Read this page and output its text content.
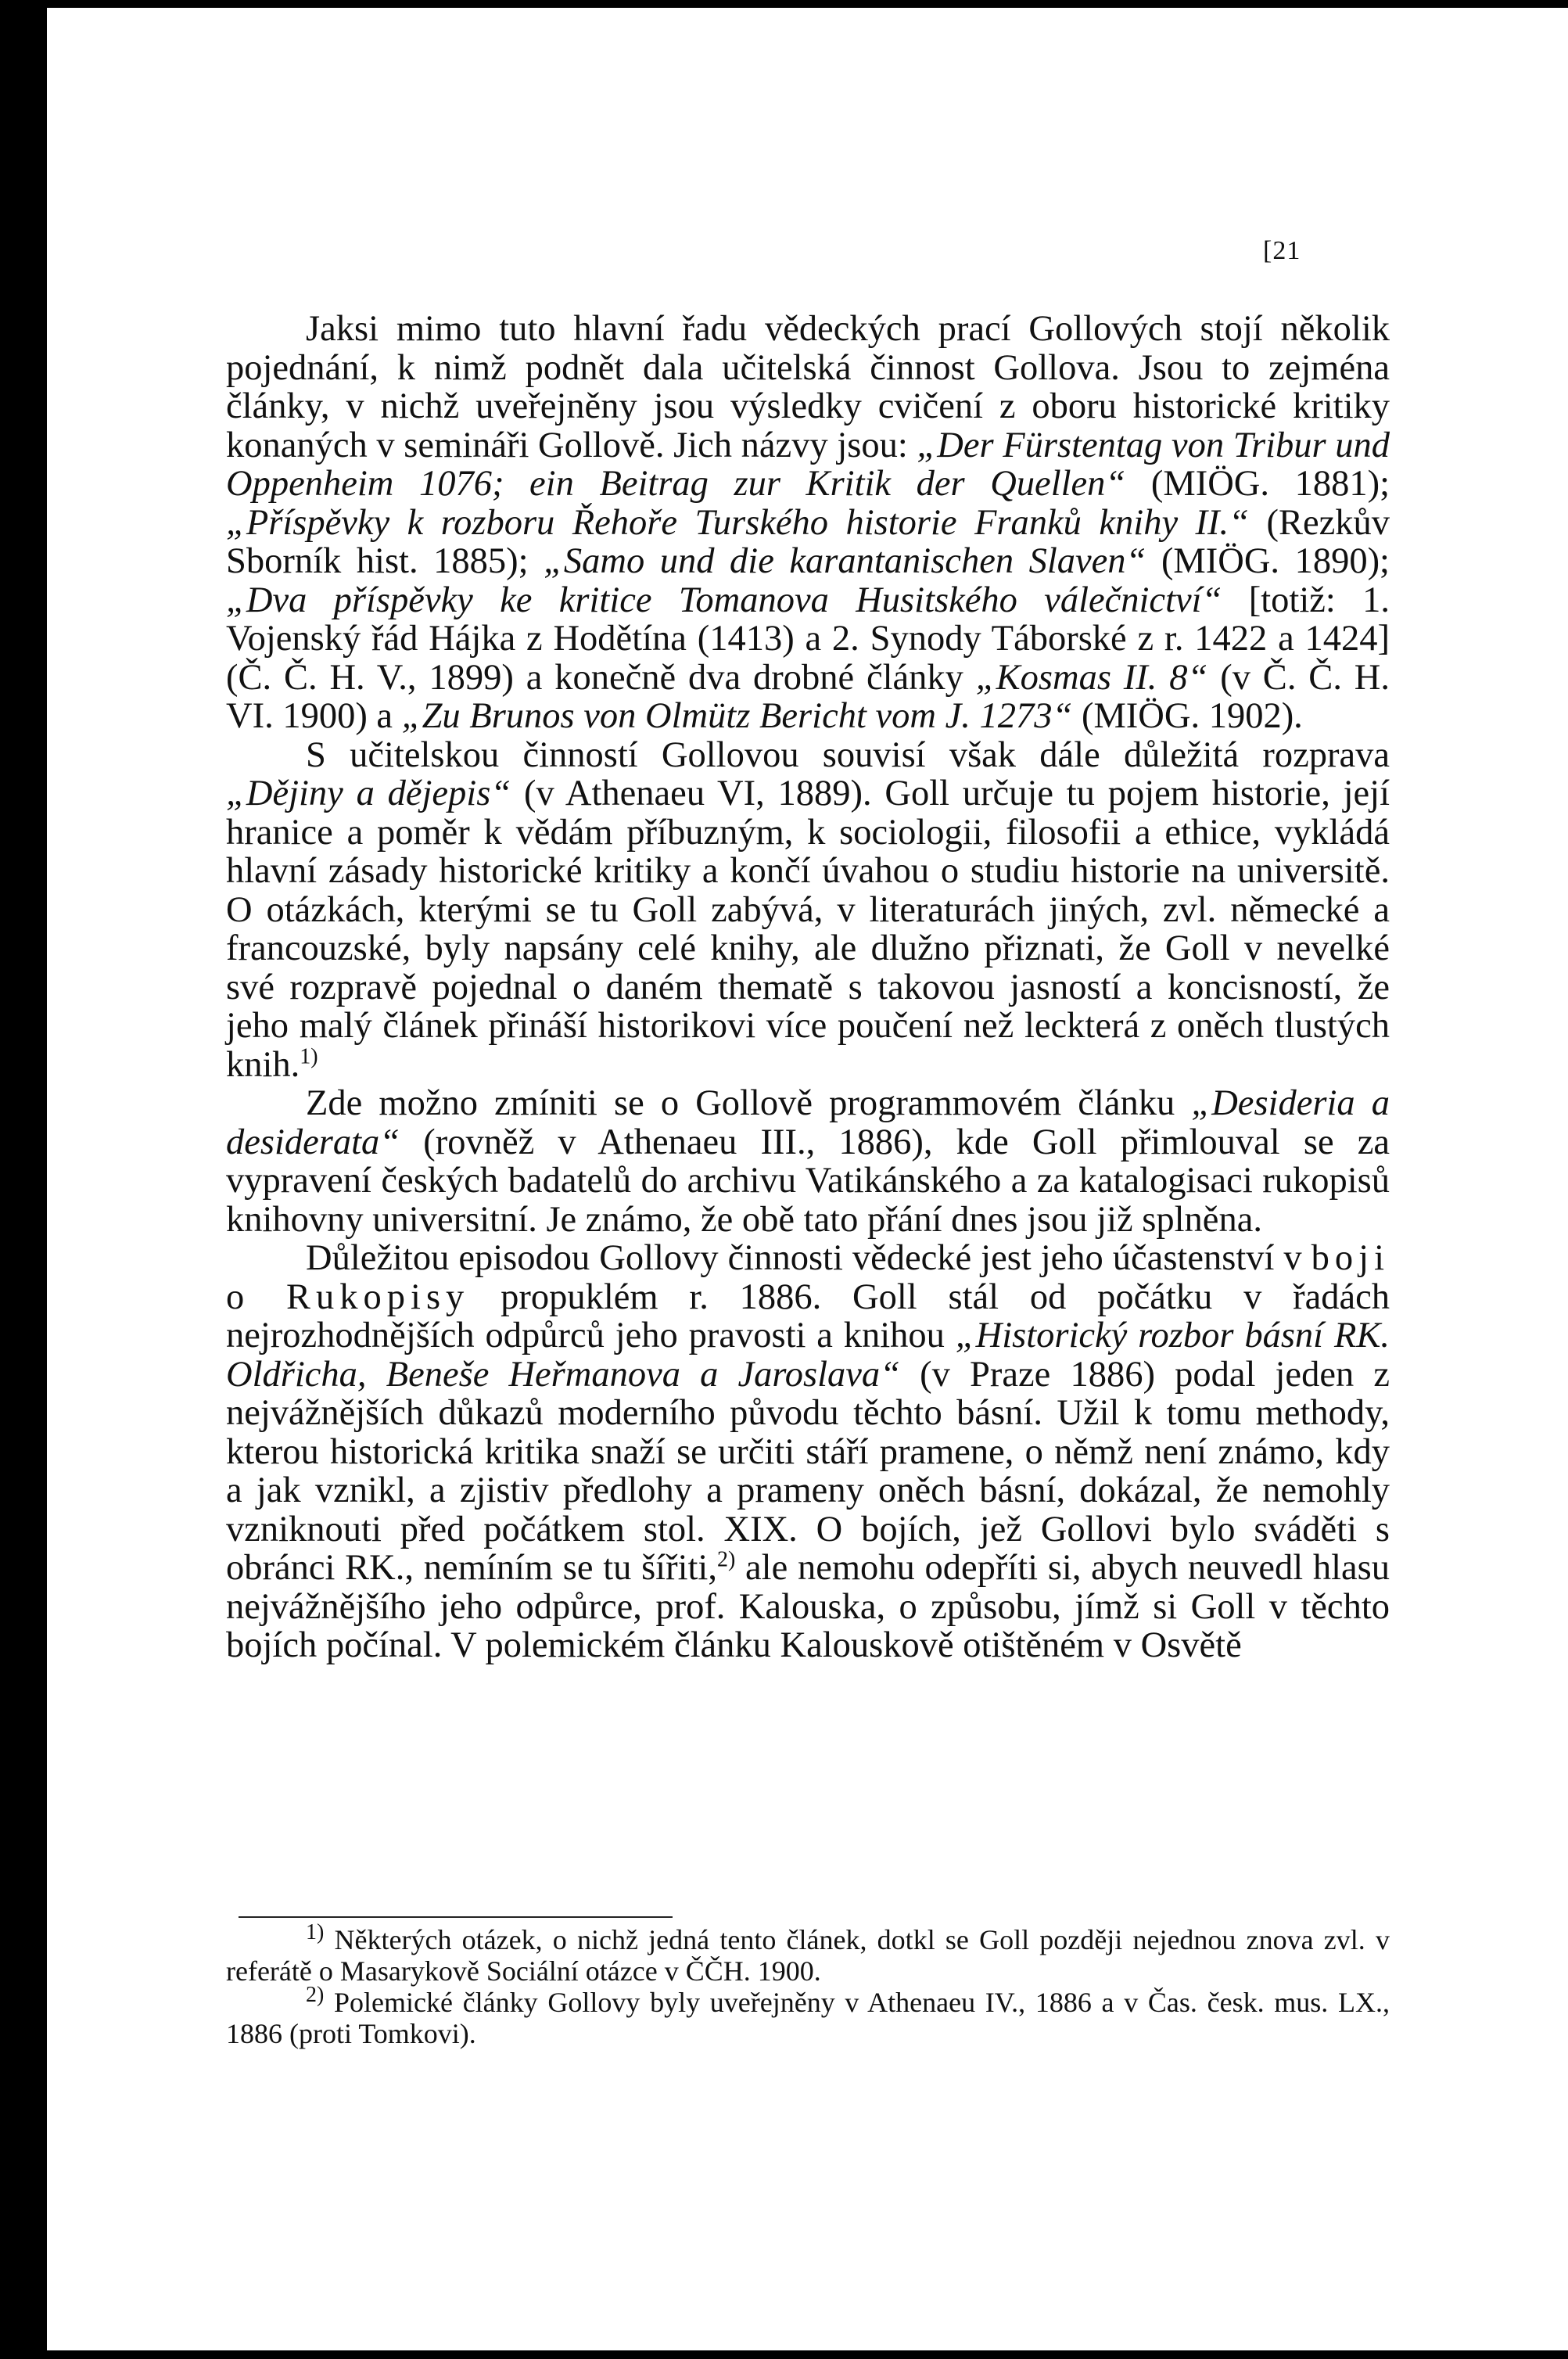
[21

Jaksi mimo tuto hlavní řadu vědeckých prací Gollových stojí několik pojednání, k nimž podnět dala učitelská činnost Gollova. Jsou to zejména články, v nichž uveřejněny jsou výsledky cvičení z oboru historické kritiky konaných v semináři Gollově. Jich názvy jsou: „Der Fürstentag von Tribur und Oppenheim 1076; ein Beitrag zur Kritik der Quellen“ (MIÖG. 1881); „Příspěvky k rozboru Řehoře Turského historie Franků knihy II.“ (Rezkův Sborník hist. 1885); „Samo und die karantanischen Slaven“ (MIÖG. 1890); „Dva příspěvky ke kritice Tomanova Husitského válečnictví“ [totiž: 1. Vojenský řád Hájka z Hodětína (1413) a 2. Synody Táborské z r. 1422 a 1424] (Č. Č. H. V., 1899) a konečně dva drobné články „Kosmas II. 8“ (v Č. Č. H. VI. 1900) a „Zu Brunos von Olmütz Bericht vom J. 1273“ (MIÖG. 1902).

S učitelskou činností Gollovou souvisí však dále důležitá rozprava „Dějiny a dějepis“ (v Athenaeu VI, 1889). Goll určuje tu pojem historie, její hranice a poměr k vědám příbuzným, k sociologii, filosofii a ethice, vykládá hlavní zásady historické kritiky a končí úvahou o studiu historie na universitě. O otázkách, kterými se tu Goll zabývá, v literaturách jiných, zvl. německé a francouzské, byly napsány celé knihy, ale dlužno přiznati, že Goll v nevelké své rozpravě pojednal o daném thematě s takovou jasností a koncisností, že jeho malý článek přináší historikovi více poučení než leckterá z oněch tlustých knih.$^{1)}$

Zde možno zmíniti se o Gollově programmovém článku „Desideria a desiderata“ (rovněž v Athenaeu III., 1886), kde Goll přimlouval se za vypravení českých badatelů do archivu Vatikánského a za katalogisaci rukopisů knihovny universitní. Je známo, že obě tato přání dnes jsou již splněna.

Důležitou episodou Gollovy činnosti vědecké jest jeho účastenství v boji o Rukopisy propuklém r. 1886. Goll stál od počátku v řadách nejrozhodnějších odpůrců jeho pravosti a knihou „Historický rozbor básní RK. Oldřicha, Beneše Heřmanova a Jaroslava“ (v Praze 1886) podal jeden z nejvážnějších důkazů moderního původu těchto básní. Užil k tomu methody, kterou historická kritika snaží se určiti stáří pramene, o němž není známo, kdy a jak vznikl, a zjistiv předlohy a prameny oněch básní, dokázal, že nemohly vzniknouti před počátkem stol. XIX. O bojích, jež Gollovi bylo sváděti s obránci RK., nemíním se tu šířiti,$^{2)}$ ale nemohu odepříti si, abych neuvedl hlasu nejvážnějšího jeho odpůrce, prof. Kalouska, o způsobu, jímž si Goll v těchto bojích počínal. V polemickém článku Kalouskově otištěném v Osvětě

$^{1)}$ Některých otázek, o nichž jedná tento článek, dotkl se Goll později nejednou znova zvl. v referátě o Masarykově Sociální otázce v ČČH. 1900.

$^{2)}$ Polemické články Gollovy byly uveřejněny v Athenaeu IV., 1886 a v Čas. česk. mus. LX., 1886 (proti Tomkovi).
